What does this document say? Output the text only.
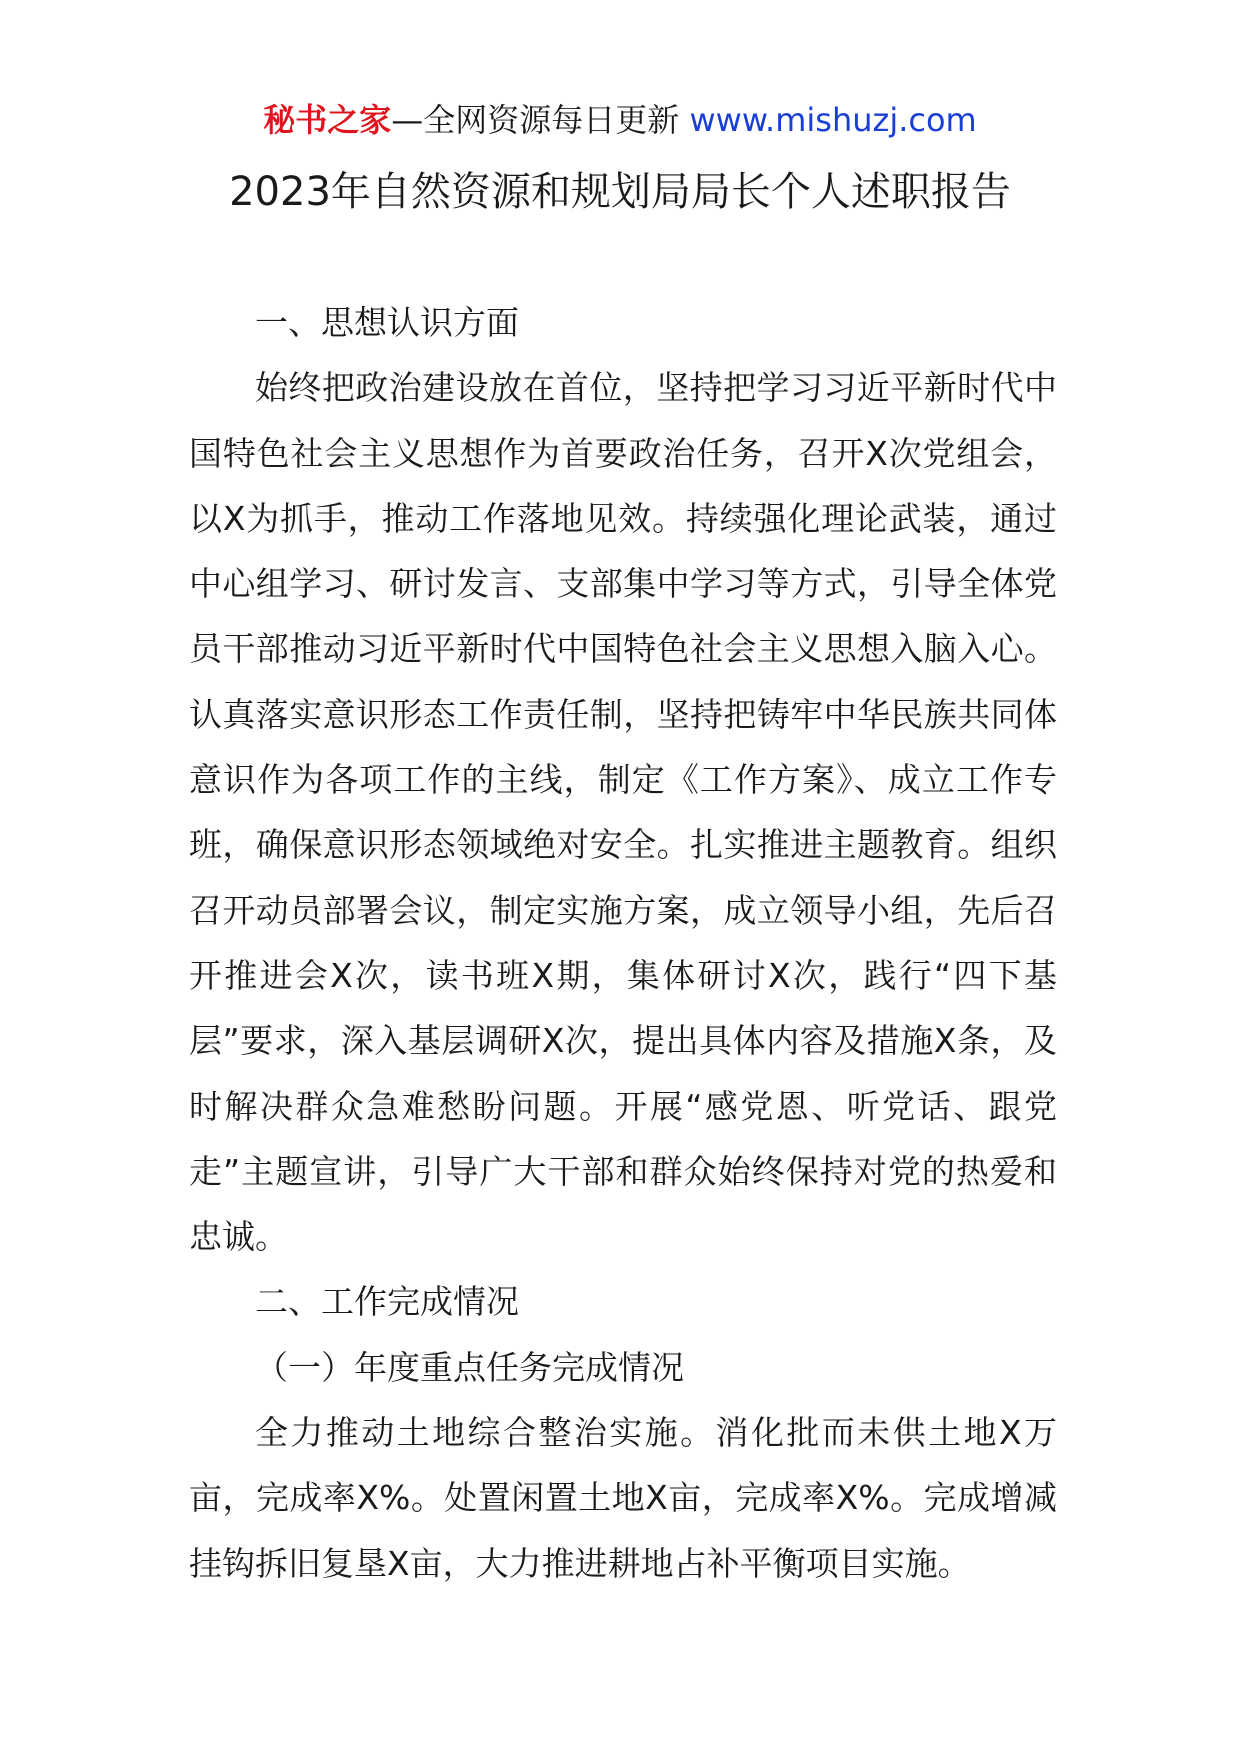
秘书之家—全网资源每日更新 www.mishuzj.com
2023年自然资源和规划局局长个人述职报告

一、思想认识方面

始终把政治建设放在首位，坚持把学习习近平新时代中国特色社会主义思想作为首要政治任务，召开X次党组会，以X为抓手，推动工作落地见效。持续强化理论武装，通过中心组学习、研讨发言、支部集中学习等方式，引导全体党员干部推动习近平新时代中国特色社会主义思想入脑入心。认真落实意识形态工作责任制，坚持把铸牢中华民族共同体意识作为各项工作的主线，制定《工作方案》、成立工作专班，确保意识形态领域绝对安全。扎实推进主题教育。组织召开动员部署会议，制定实施方案，成立领导小组，先后召开推进会X次，读书班X期，集体研讨X次，践行“四下基层”要求，深入基层调研X次，提出具体内容及措施X条，及时解决群众急难愁盼问题。开展“感党恩、听党话、跟党走”主题宣讲，引导广大干部和群众始终保持对党的热爱和忠诚。

二、工作完成情况

（一）年度重点任务完成情况

全力推动土地综合整治实施。消化批而未供土地X万亩，完成率X%。处置闲置土地X亩，完成率X%。完成增减挂钩拆旧复垦X亩，大力推进耕地占补平衡项目实施。
